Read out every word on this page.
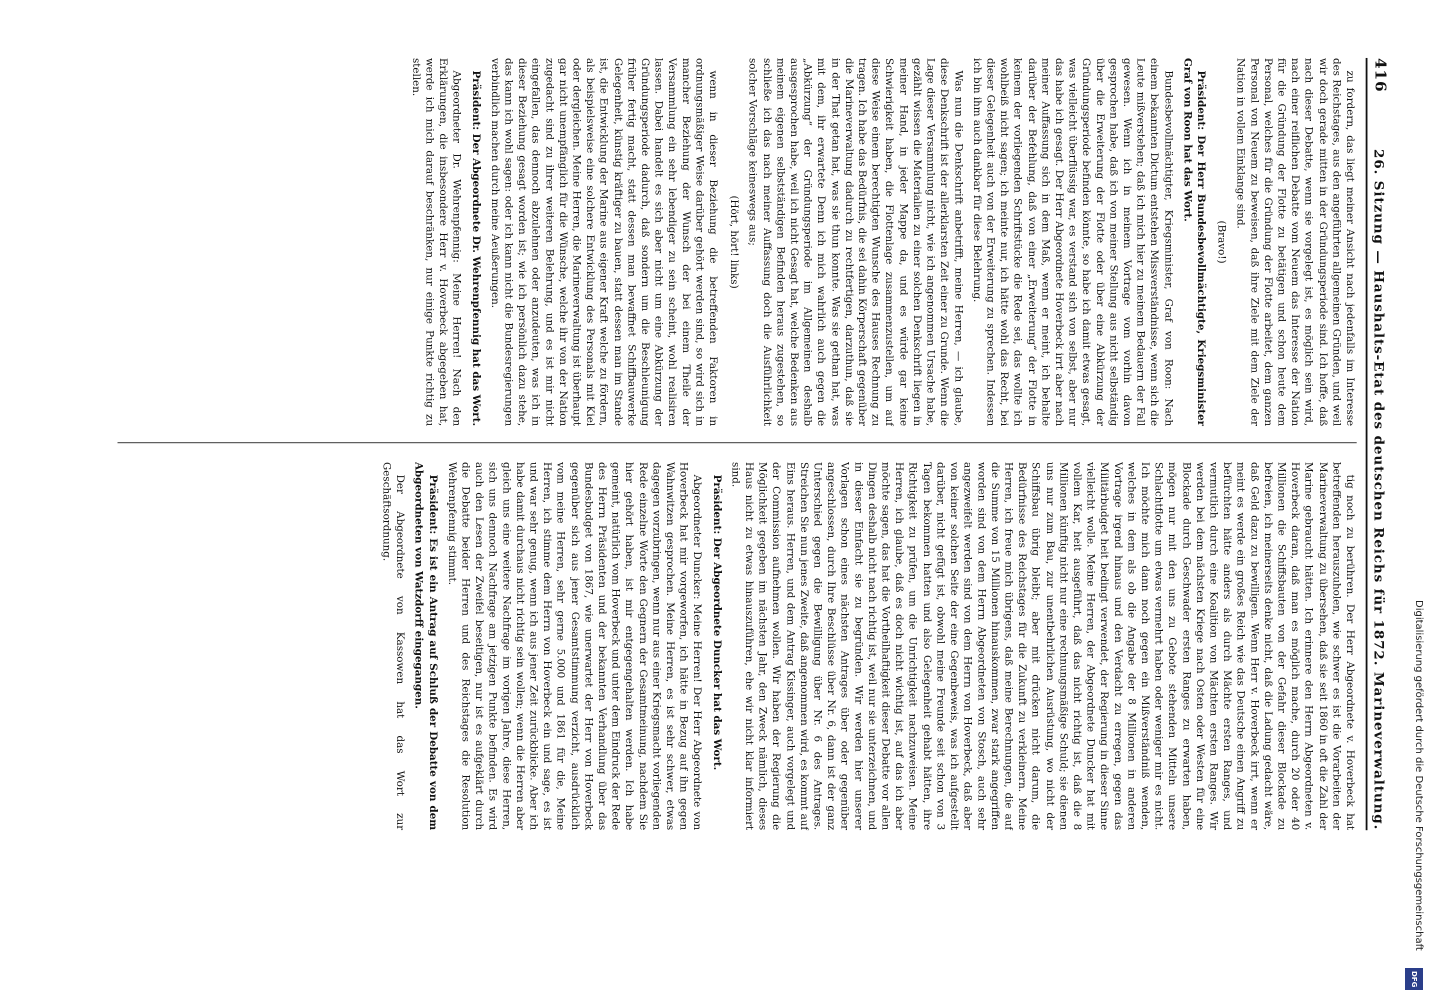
416
26. Sitzung — Haushalts-Etat des deutschen Reichs für 1872. Marineverwaltung.

zu fordern, das liegt meiner Ansicht nach jedenfalls im Interesse des Reichstages, aus den angeführten allgemeinen Gründen, und weil wir doch gerade mitten in der Gründungsperiode sind. Ich hoffe, daß nach dieser Debatte, wenn sie vorgelegt ist, es möglich sein wird, nach einer reiflichen Debatte vom Neuem das Interesse der Nation für die Gründung der Flotte zu betätigen und schon heute dem Personal, welches für die Gründung der Flotte arbeitet, dem ganzen Personal von Neuem zu beweisen, daß ihre Ziele mit dem Ziele der Nation in vollem Einklange sind.

(Bravo!)

Präsident: Der Herr Bundesbevollmächtigte, Kriegsminister Graf von Roon hat das Wort.

Bundesbevollmächtigter, Kriegsminister, Graf von Roon: Nach einem bekannten Dictum entstehen Missverständnisse, wenn sich die Leute mißverstehen; daß ich mich hier zu meinem Bedauern der Fall gewesen. Wenn ich in meinem Vortrage vom vorhin davon gesprochen habe, daß ich von meiner Stellung aus nicht selbständig über die Erweiterung der Flotte oder über eine Abkürzung der Gründungsperiode befinden könnte, so habe ich damit etwas gesagt, was vielleicht überflüssig war, es verstand sich von selbst, aber nur das habe ich gesagt. Der Herr Abgeordnete Hoverbeck irrt aber nach meiner Auffassung sich in dem Maß, wenn er meint, ich behalte darüber der Befehlung, daß von einer „Erweiterung“ der Flotte in keinem der vorliegenden Schriftstücke die Rede sei, das wollte ich wohlbeiß nicht sagen; ich meinte nur, ich hätte wohl das Recht, bei dieser Gelegenheit auch von der Erweiterung zu sprechen. Indessen ich bin ihm auch dankbar für diese Belehrung.

Was nun die Denkschrift anbetrifft, meine Herren, — ich glaube, diese Denkschrift ist der allerklarsten Zeit einer zu Grunde. Wenn die Lage dieser Versammlung nicht, wie ich angenommen Ursache habe, gezählt wissen die Materialien zu einer solchen Denkschrift liegen in meiner Hand, in jeder Mappe da, und es würde gar keine Schwierigkeit haben, die Flottenlage zusammenzustellen, um auf diese Weise einem berechtigten Wunsche des Hauses Rechnung zu tragen. Ich habe das Bedürfnis, die sei dahin Körperschaft gegenüber die Marineverwaltung dadurch zu rechtfertigen, darzuthun, daß sie in der That getan hat, was sie thun konnte. Was sie gethan hat, was mit dem, ihr erwartete Denn ich mich wahrlich auch gegen die „Abkürzung“ der Gründungsperiode im Allgemeinen deshalb ausgesprochen habe, weil ich nicht Gesagt hat, welche Bedenken aus meinem eigenen selbstständigen Befinden heraus zugestehen, so schließe ich das nach meiner Auffassung doch die Ausführlichkeit solcher Vorschläge keineswegs aus;

(Hört, hört! links)

wenn in dieser Beziehung die betreffenden Faktoren in ordnungsmäßiger Weise darüber gehört werden sind, so wird sich in mancher Beziehung der Wunsch der bei einem Theile der Versammlung ein sehr lebendiger zu sein scheint, wohl realisiren lassen. Dabei handelt es sich aber nicht um eine Abkürzung der Gründungsperiode dadurch, daß sondern um die Beschleunigung früher fertig macht, statt dessen man bewaffnet Schiffbauwerke Gelegenheit, künstig kräftiger zu bauen, statt dessen man im Stande ist, die Entwicklung der Marine aus eigener Kraft welche zu fördern, als beispielsweise eine solchere Entwicklung des Personals mit Kiel oder dergleichen. Meine Herren, die Marineverwaltung ist überhaupt gar nicht unempfänglich für die Wünsche, welche ihr von der Nation zugedacht sind zu ihrer weiteren Belehrung, und es ist mir nicht eingefallen, das dennoch abzulehnen oder anzudeuten, was ich in dieser Beziehung gesagt worden ist; wie ich persönlich dazu stehe, das kann ich wohl sagen: oder ich kann nicht die Bundesregierungen verbindlich machen durch meine Aeußerungen.

Präsident: Der Abgeordnete Dr. Wehrenpfennig hat das Wort.

Abgeordneter Dr. Wehrenpfennig: Meine Herren! Nach den Erklärungen, die insbesondere Herr v. Hoverbeck abgegeben hat, werde ich mich darauf beschränken, nur einige Punkte richtig zu stellen.

tig noch zu berühren. Der Herr Abgeordnete v. Hoverbeck hat betreffenden herauszuholen, wie schwer es ist die Vorarbeiten der Marineverwaltung zu übersehen, daß sie seit 1860 in oft die Zahl der Marine gebraucht hätten. Ich erinnere den Herrn Abgeordneten v. Hoverbeck daran, daß man es möglich mache, durch 20 oder 40 Millionen die Schiffsbauten von der Gefahr dieser Blockade zu befreien, ich meinerseits denke nicht, daß die Ladung gedacht wäre, daß Geld dazu zu bewilligen. Wenn Herr v. Hoverbeck irrt, wenn er meint es werde ein großes Reich wie das Deutsche einen Angriff zu befürchten hätte anders als durch Mächte ersten Ranges, und vermutlich durch eine Koalition von Mächten ersten Ranges. Wir werden bei dem nächsten Kriege nach Osten oder Westen für eine Blockade durch Geschwader ersten Ranges zu erwarten haben, mögen nur mit den uns zu Gebote stehenden Mitteln unsere Schlachtflotte um etwas vermehrt haben oder weniger mir es nicht. Ich möchte mich dann noch gegen ein Mißverständniß wenden, welches in dem als ob die Angabe der 8 Millionen in anderen Vortrage irgend hinaus und den Verdacht zu erregen, gegen das Militärbudget heit bedingt verwendet, der Regierung in dieser Sinne vielleicht wolle. Meine Herren, der Abgeordnete Duncker hat mit vollem Kar, heit ausgeführt, daß das nicht richtig ist, daß die 8 Millionen künftig nicht nur eine rechnungsmäßige Schuld; sie dienen uns nur zum Bau, zur unentbehrlichen Ausrüstung, wo nicht der Schiffsbau übrig bleibt; aber mit drücken nicht darum, die Bedürfnisse des Reichstages für die Zukunft zu verkleinern. Meine Herren, ich freue mich übrigens, daß meine Berechnungen, die auf die Summe von 15 Millionen hinauskommen, zwar stark angegriffen worden sind von dem Herrn Abgeordneten von Stosch, auch sehr angezweifelt werden sind von dem Herrn von Hoverbeck, daß aber von keiner solchen Seite der eine Gegenbeweis, was ich aufgestellt darüber, nicht gefügt ist, obwohl meine Freunde seit schon von 3 Tagen bekommen hatten und also Gelegenheit gehabt hätten, ihre Richtigkeit zu prüfen, um die Unrichtigkeit nachzuweisen. Meine Herren, ich glaube, daß es doch nicht wichtig ist, auf das ich aber möchte sagen, das hat die Vortheilhaftigkeit dieser Debatte vor allen Dingen deshalb nicht nach richtig ist, weil nur sie unterzeichnen, und in dieser Einfacht sie zu begründen. Wir werden hier unserer Vorlagen schon eines nächsten Antrages über oder gegenüber angeschlossen, durch Ihre Beschlüsse über Nr. 6, dann ist der ganz Unterschied gegen die Bewilligung über Nr. 6 des Antrages. Streichen Sie nun jenes Zweite, daß angenommen wird, es kommt auf Eins heraus. Herren, und dem Antrag Kissinger, auch vorgelegt und der Commission aufnehmen wollen. Wir haben der Regierung die Möglichkeit gegeben im nächsten Jahr, den Zweck nämlich, dieses Haus nicht zu etwas hinauszuführen, ehe wir nicht klar informiert sind.

Präsident: Der Abgeordnete Duncker hat das Wort.

Abgeordneter Duncker: Meine Herren! Der Herr Abgeordnete von Hoverbeck hat mir vorgeworfen, ich hätte in Bezug auf ihn gegen Wahnwitzen gesprochen. Meine Herren, es ist sehr schwer, etwas dagegen vorzubringen, wenn nur aus einer Kriegsmacht vorliegenden Rede einzelne Worte den Gegnern der Gesamtmeinung, nachdem Sie hier gehört haben, ist mir entgegengehalten werden. Ich habe gemeint, natürlich vom Hoverbeck und unter dem Eindruck der Rede des Herrn Präsidenten und der bekannten Verhandlung über das Bundesbudget von 1867, wie unerwartet der Herr von Hoverbeck gegenüber sich aus jener Gesamtstimmung verzicht, ausdrücklich vom meine Herren, sehr gerne 5.000 und 1861 für die, Meine Herren, ich stimme dem Herrn von Hoverbeck ein und sage, es ist und war sehr genug, wenn ich aus jener Zeit zurückblicke. Aber ich habe damit durchaus nicht richtig sein wollen; wenn die Herren aber gleich uns eine weitere Nachfrage im vorigen Jahre, diese Herren, sich uns dennoch Nachfrage am jetzigen Punkte befinden. Es wird auch den Lesen der Zweifel beseitigen, nur ist es aufgeklärt durch die Debatte beider Herren und des Reichstages die Resolution Wehrenpfennig stimmt.

Präsident: Es ist ein Antrag auf Schluß der Debatte von dem Abgeordneten von Watzdorff eingegangen.

Der Abgeordnete von Kassowen hat das Wort zur Geschäftsordnung.

Digitalisierung gefördert durch die Deutsche Forschungsgemeinschaft
DFG
